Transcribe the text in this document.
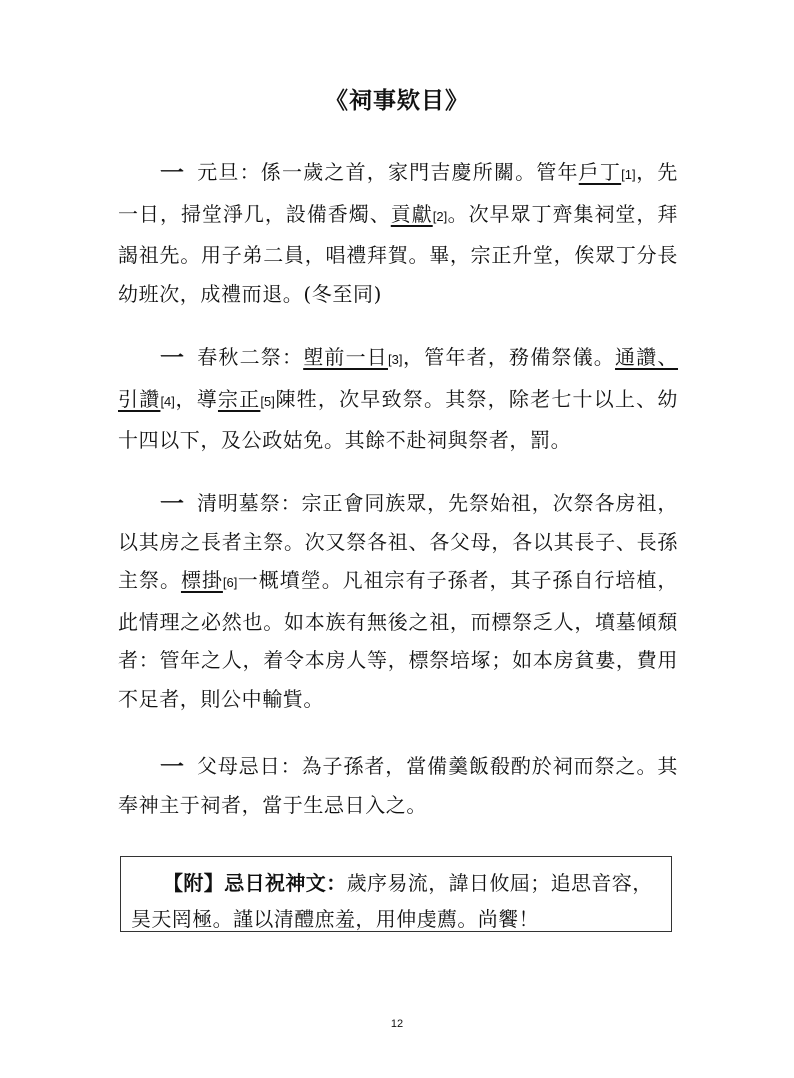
《祠事欵目》

一 元旦：係一歲之首，家門吉慶所關。管年戶丁[1]，先一日，掃堂淨几，設備香燭、貢獻[2]。次早眾丁齊集祠堂，拜謁祖先。用子弟二員，唱禮拜賀。畢，宗正升堂，俟眾丁分長幼班次，成禮而退。(冬至同)

一 春秋二祭：塱前一日[3]，管年者，務備祭儀。通讚、引讚[4]，導宗正[5]陳牲，次早致祭。其祭，除老七十以上、幼十四以下，及公政姑免。其餘不赴祠與祭者，罰。

一 清明墓祭：宗正會同族眾，先祭始祖，次祭各房祖，以其房之長者主祭。次又祭各祖、各父母，各以其長子、長孫主祭。標掛[6]一概墳塋。凡祖宗有子孫者，其子孫自行培植，此情理之必然也。如本族有無後之祖，而標祭乏人，墳墓傾頹者：管年之人，着令本房人等，標祭培塚；如本房貧婁，費用不足者，則公中輸貲。

一 父母忌日：為子孫者，當備羹飯殽酌於祠而祭之。其奉神主于祠者，當于生忌日入之。

【附】忌日祝神文：歲序易流，諱日攸屆；追思音容，昊天罔極。謹以清醴庶羞，用伸虔薦。尚饗！
12
